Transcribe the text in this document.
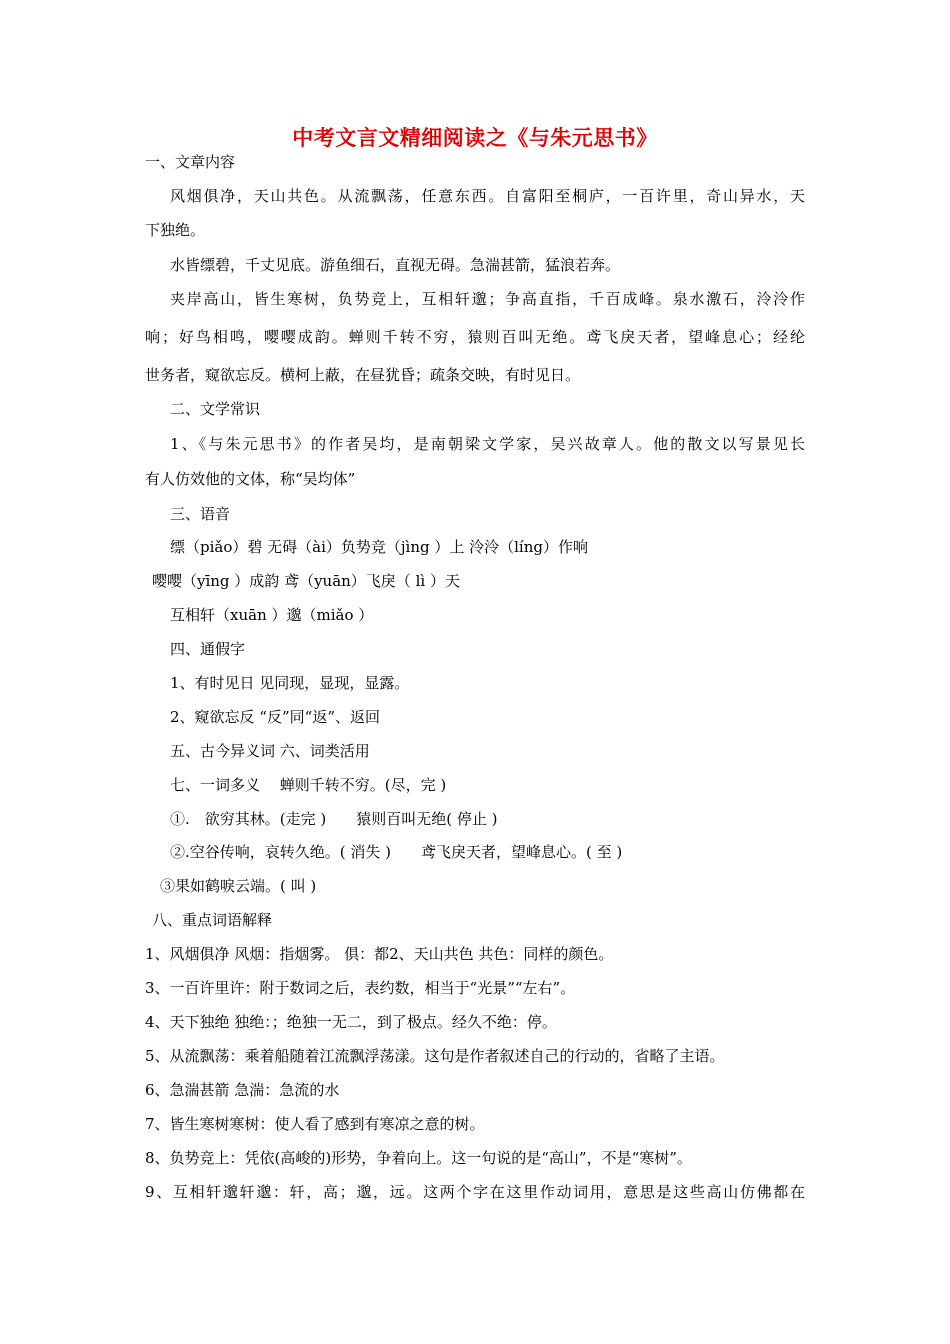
中考文言文精细阅读之《与朱元思书》
一、文章内容
风烟俱净，天山共色。从流飘荡，任意东西。自富阳至桐庐，一百许里，奇山异水，天
下独绝。
水皆缥碧，千丈见底。游鱼细石，直视无碍。急湍甚箭，猛浪若奔。
夹岸高山，皆生寒树，负势竞上，互相轩邈；争高直指，千百成峰。泉水激石，泠泠作
响；好鸟相鸣，嘤嘤成韵。蝉则千转不穷，猿则百叫无绝。鸢飞戾天者，望峰息心；经纶
世务者，窥欲忘反。横柯上蔽，在昼犹昏；疏条交映，有时见日。
二、文学常识
1、《与朱元思书》的作者吴均，是南朝梁文学家，吴兴故章人。他的散文以写景见长
有人仿效他的文体，称“吴均体”
三、语音
缥（piǎo）碧 无碍（ài）负势竞（jìng ）上 泠泠（líng）作响
嘤嘤（yīng ）成韵 鸢（yuān）飞戾（ lì ）天
互相轩（xuān ）邈（miǎo ）
四、通假字
1、有时见日 见同现，显现，显露。
2、窥欲忘反 “反”同“返”、返回
五、古今异义词 六、词类活用
七、一词多义　 蝉则千转不穷。(尽，完 )
①.　欲穷其林。(走完 )　　猿则百叫无绝( 停止 )
②.空谷传响，哀转久绝。( 消失 )　　鸢飞戾天者，望峰息心。( 至 )
③果如鹤唳云端。( 叫 )
八、重点词语解释
1、风烟俱净 风烟：指烟雾。 俱：都2、天山共色 共色：同样的颜色。
3、一百许里许：附于数词之后，表约数，相当于“光景”“左右”。
4、天下独绝 独绝：；绝独一无二，到了极点。经久不绝：停。
5、从流飘荡：乘着船随着江流飘浮荡漾。这句是作者叙述自己的行动的，省略了主语。
6、急湍甚箭 急湍：急流的水
7、皆生寒树寒树：使人看了感到有寒凉之意的树。
8、负势竞上：凭依(高峻的)形势，争着向上。这一句说的是“高山”，不是“寒树”。
9、互相轩邈轩邈：轩，高；邈，远。这两个字在这里作动词用，意思是这些高山仿佛都在
